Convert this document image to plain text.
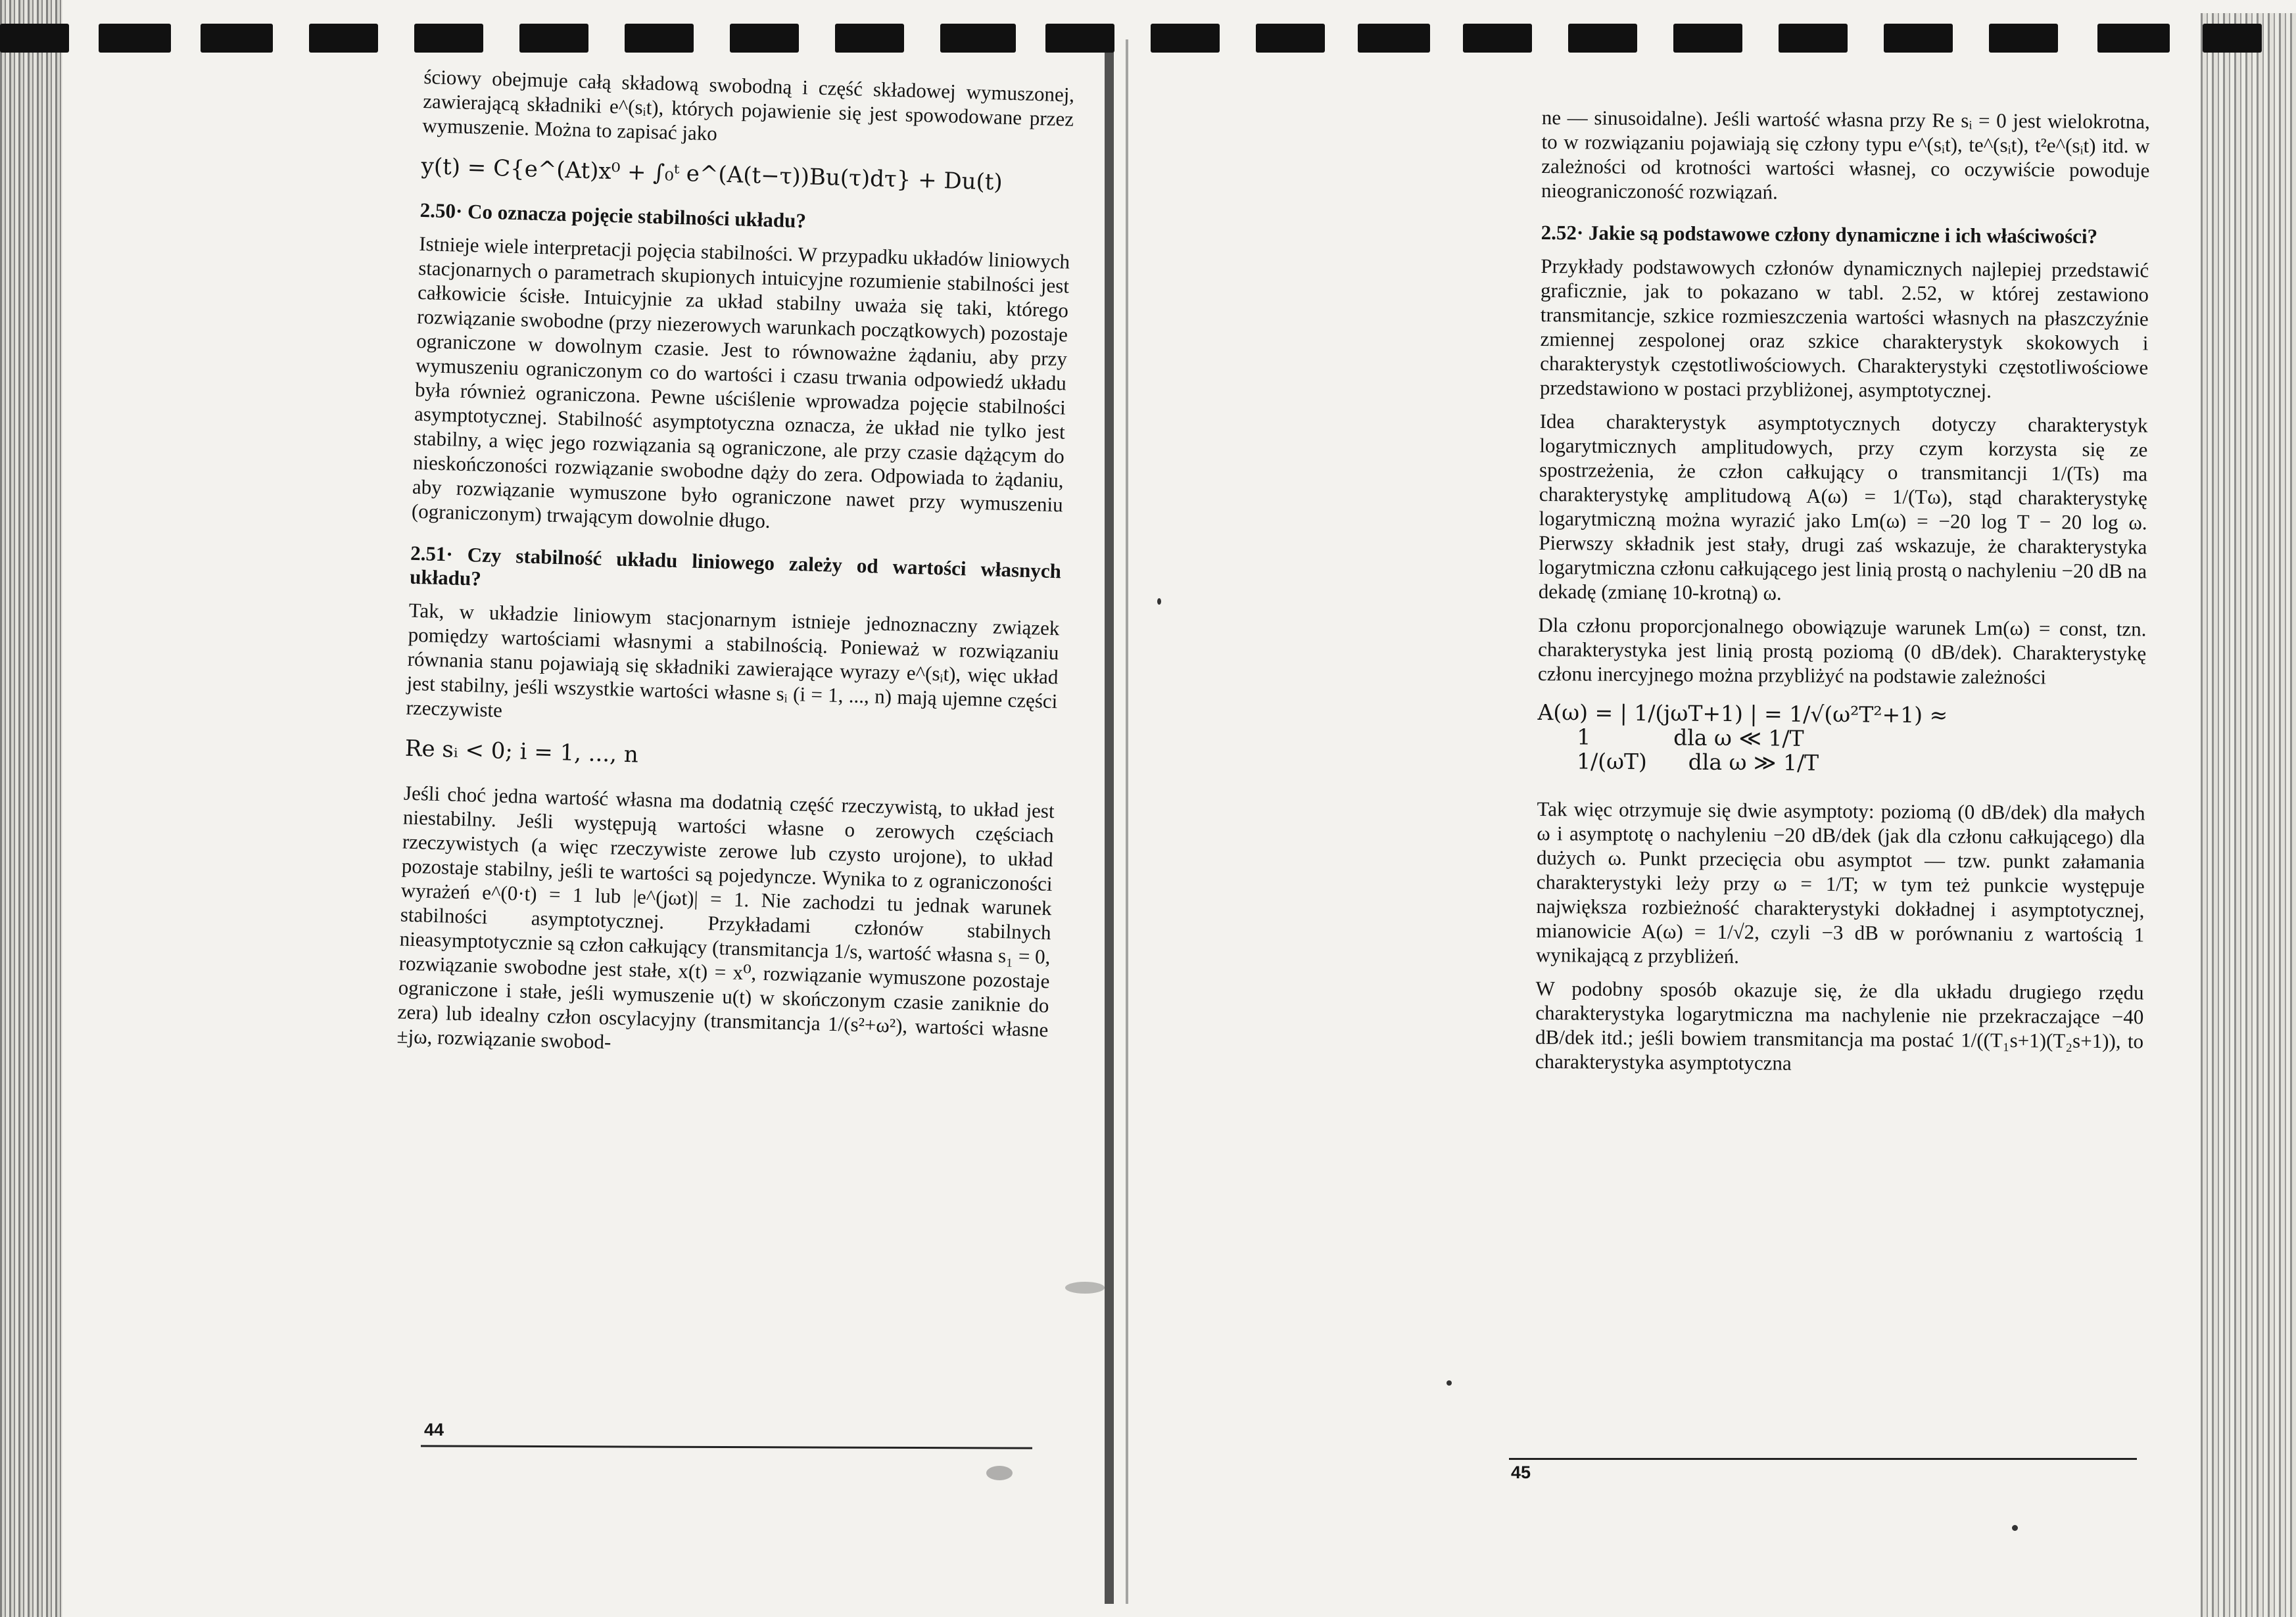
ściowy obejmuje całą składową swobodną i część składowej wymuszonej, zawierającą składniki e^(sᵢt), których pojawienie się jest spowodowane przez wymuszenie. Można to zapisać jako

y(t) = C{e^(At)x⁰ + ∫₀ᵗ e^(A(t−τ))Bu(τ)dτ} + Du(t)
2.50· Co oznacza pojęcie stabilności układu?

Istnieje wiele interpretacji pojęcia stabilności. W przypadku układów liniowych stacjonarnych o parametrach skupionych intuicyjne rozumienie stabilności jest całkowicie ścisłe. Intuicyjnie za układ stabilny uważa się taki, którego rozwiązanie swobodne (przy niezerowych warunkach początkowych) pozostaje ograniczone w dowolnym czasie. Jest to równoważne żądaniu, aby przy wymuszeniu ograniczonym co do wartości i czasu trwania odpowiedź układu była również ograniczona. Pewne uściślenie wprowadza pojęcie stabilności asymptotycznej. Stabilność asymptotyczna oznacza, że układ nie tylko jest stabilny, a więc jego rozwiązania są ograniczone, ale przy czasie dążącym do nieskończoności rozwiązanie swobodne dąży do zera. Odpowiada to żądaniu, aby rozwiązanie wymuszone było ograniczone nawet przy wymuszeniu (ograniczonym) trwającym dowolnie długo.

2.51· Czy stabilność układu liniowego zależy od wartości własnych układu?

Tak, w układzie liniowym stacjonarnym istnieje jednoznaczny związek pomiędzy wartościami własnymi a stabilnością. Ponieważ w rozwiązaniu równania stanu pojawiają się składniki zawierające wyrazy e^(sᵢt), więc układ jest stabilny, jeśli wszystkie wartości własne sᵢ (i = 1, ..., n) mają ujemne części rzeczywiste

Re sᵢ < 0; i = 1, ..., n

Jeśli choć jedna wartość własna ma dodatnią część rzeczywistą, to układ jest niestabilny. Jeśli występują wartości własne o zerowych częściach rzeczywistych (a więc rzeczywiste zerowe lub czysto urojone), to układ pozostaje stabilny, jeśli te wartości są pojedyncze. Wynika to z ograniczoności wyrażeń e^(0·t) = 1 lub |e^(jωt)| = 1. Nie zachodzi tu jednak warunek stabilności asymptotycznej. Przykładami członów stabilnych nieasymptotycznie są człon całkujący (transmitancja 1/s, wartość własna s₁ = 0, rozwiązanie swobodne jest stałe, x(t) = x⁰, rozwiązanie wymuszone pozostaje ograniczone i stałe, jeśli wymuszenie u(t) w skończonym czasie zaniknie do zera) lub idealny człon oscylacyjny (transmitancja 1/(s²+ω²), wartości własne ±jω, rozwiązanie swobod-

44

ne — sinusoidalne). Jeśli wartość własna przy Re sᵢ = 0 jest wielokrotna, to w rozwiązaniu pojawiają się człony typu e^(sᵢt), te^(sᵢt), t²e^(sᵢt) itd. w zależności od krotności wartości własnej, co oczywiście powoduje nieograniczoność rozwiązań.

2.52· Jakie są podstawowe człony dynamiczne i ich właściwości?

Przykłady podstawowych członów dynamicznych najlepiej przedstawić graficznie, jak to pokazano w tabl. 2.52, w której zestawiono transmitancje, szkice rozmieszczenia wartości własnych na płaszczyźnie zmiennej zespolonej oraz szkice charakterystyk skokowych i charakterystyk częstotliwościowych. Charakterystyki częstotliwościowe przedstawiono w postaci przybliżonej, asymptotycznej.

Idea charakterystyk asymptotycznych dotyczy charakterystyk logarytmicznych amplitudowych, przy czym korzysta się ze spostrzeżenia, że człon całkujący o transmitancji 1/(Ts) ma charakterystykę amplitudową A(ω) = 1/(Tω), stąd charakterystykę logarytmiczną można wyrazić jako Lm(ω) = −20 log T − 20 log ω. Pierwszy składnik jest stały, drugi zaś wskazuje, że charakterystyka logarytmiczna członu całkującego jest linią prostą o nachyleniu −20 dB na dekadę (zmianę 10-krotną) ω.

Dla członu proporcjonalnego obowiązuje warunek Lm(ω) = const, tzn. charakterystyka jest linią prostą poziomą (0 dB/dek). Charakterystykę członu inercyjnego można przybliżyć na podstawie zależności

A(ω) = | 1/(jωT+1) | = 1/√(ω²T²+1) ≈
1            dla ω ≪ 1/T
1/(ωT)      dla ω ≫ 1/T

Tak więc otrzymuje się dwie asymptoty: poziomą (0 dB/dek) dla małych ω i asymptotę o nachyleniu −20 dB/dek (jak dla członu całkującego) dla dużych ω. Punkt przecięcia obu asymptot — tzw. punkt załamania charakterystyki leży przy ω = 1/T; w tym też punkcie występuje największa rozbieżność charakterystyki dokładnej i asymptotycznej, mianowicie A(ω) = 1/√2, czyli −3 dB w porównaniu z wartością 1 wynikającą z przybliżeń.

W podobny sposób okazuje się, że dla układu drugiego rzędu charakterystyka logarytmiczna ma nachylenie nie przekraczające −40 dB/dek itd.; jeśli bowiem transmitancja ma postać 1/((T₁s+1)(T₂s+1)), to charakterystyka asymptotyczna

45
